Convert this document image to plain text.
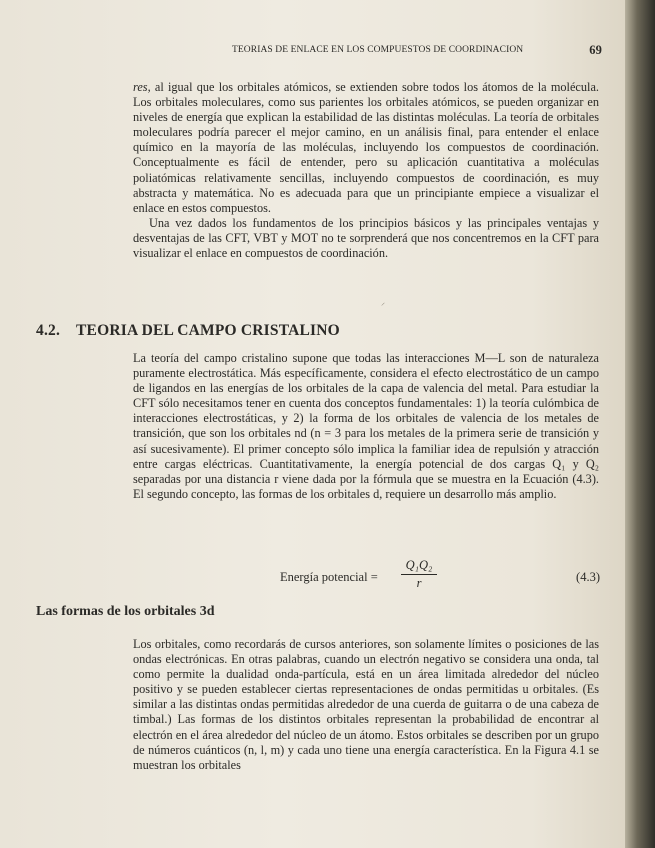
TEORIAS DE ENLACE EN LOS COMPUESTOS DE COORDINACION	69

res, al igual que los orbitales atómicos, se extienden sobre todos los átomos de la molécula. Los orbitales moleculares, como sus parientes los orbitales atómicos, se pueden organizar en niveles de energía que explican la estabilidad de las distintas moléculas. La teoría de orbitales moleculares podría parecer el mejor camino, en un análisis final, para entender el enlace químico en la mayoría de las moléculas, incluyendo los compuestos de coordinación. Conceptualmente es fácil de entender, pero su aplicación cuantitativa a moléculas poliatómicas relativamente sencillas, incluyendo compuestos de coordinación, es muy abstracta y matemática. No es adecuada para que un principiante empiece a visualizar el enlace en estos compuestos.

Una vez dados los fundamentos de los principios básicos y las principales ventajas y desventajas de las CFT, VBT y MOT no te sorprenderá que nos concentremos en la CFT para visualizar el enlace en compuestos de coordinación.

⸝
4.2. TEORIA DEL CAMPO CRISTALINO

La teoría del campo cristalino supone que todas las interacciones M—L son de naturaleza puramente electrostática. Más específicamente, considera el efecto electrostático de un campo de ligandos en las energías de los orbitales de la capa de valencia del metal. Para estudiar la CFT sólo necesitamos tener en cuenta dos conceptos fundamentales: 1) la teoría culómbica de interacciones electrostáticas, y 2) la forma de los orbitales de valencia de los metales de transición, que son los orbitales nd (n = 3 para los metales de la primera serie de transición y así sucesivamente). El primer concepto sólo implica la familiar idea de repulsión y atracción entre cargas eléctricas. Cuantitativamente, la energía potencial de dos cargas Q₁ y Q₂ separadas por una distancia r viene dada por la fórmula que se muestra en la Ecuación (4.3). El segundo concepto, las formas de los orbitales d, requiere un desarrollo más amplio.

Energía potencial =
Q₁Q₂
r	(4.3)
Las formas de los orbitales 3d

Los orbitales, como recordarás de cursos anteriores, son solamente límites o posiciones de las ondas electrónicas. En otras palabras, cuando un electrón negativo se considera una onda, tal como permite la dualidad onda-partícula, está en un área limitada alrededor del núcleo positivo y se pueden establecer ciertas representaciones de ondas permitidas u orbitales. (Es similar a las distintas ondas permitidas alrededor de una cuerda de guitarra o de una cabeza de timbal.) Las formas de los distintos orbitales representan la probabilidad de encontrar al electrón en el área alrededor del núcleo de un átomo. Estos orbitales se describen por un grupo de números cuánticos (n, l, m) y cada uno tiene una energía característica. En la Figura 4.1 se muestran los orbitales
